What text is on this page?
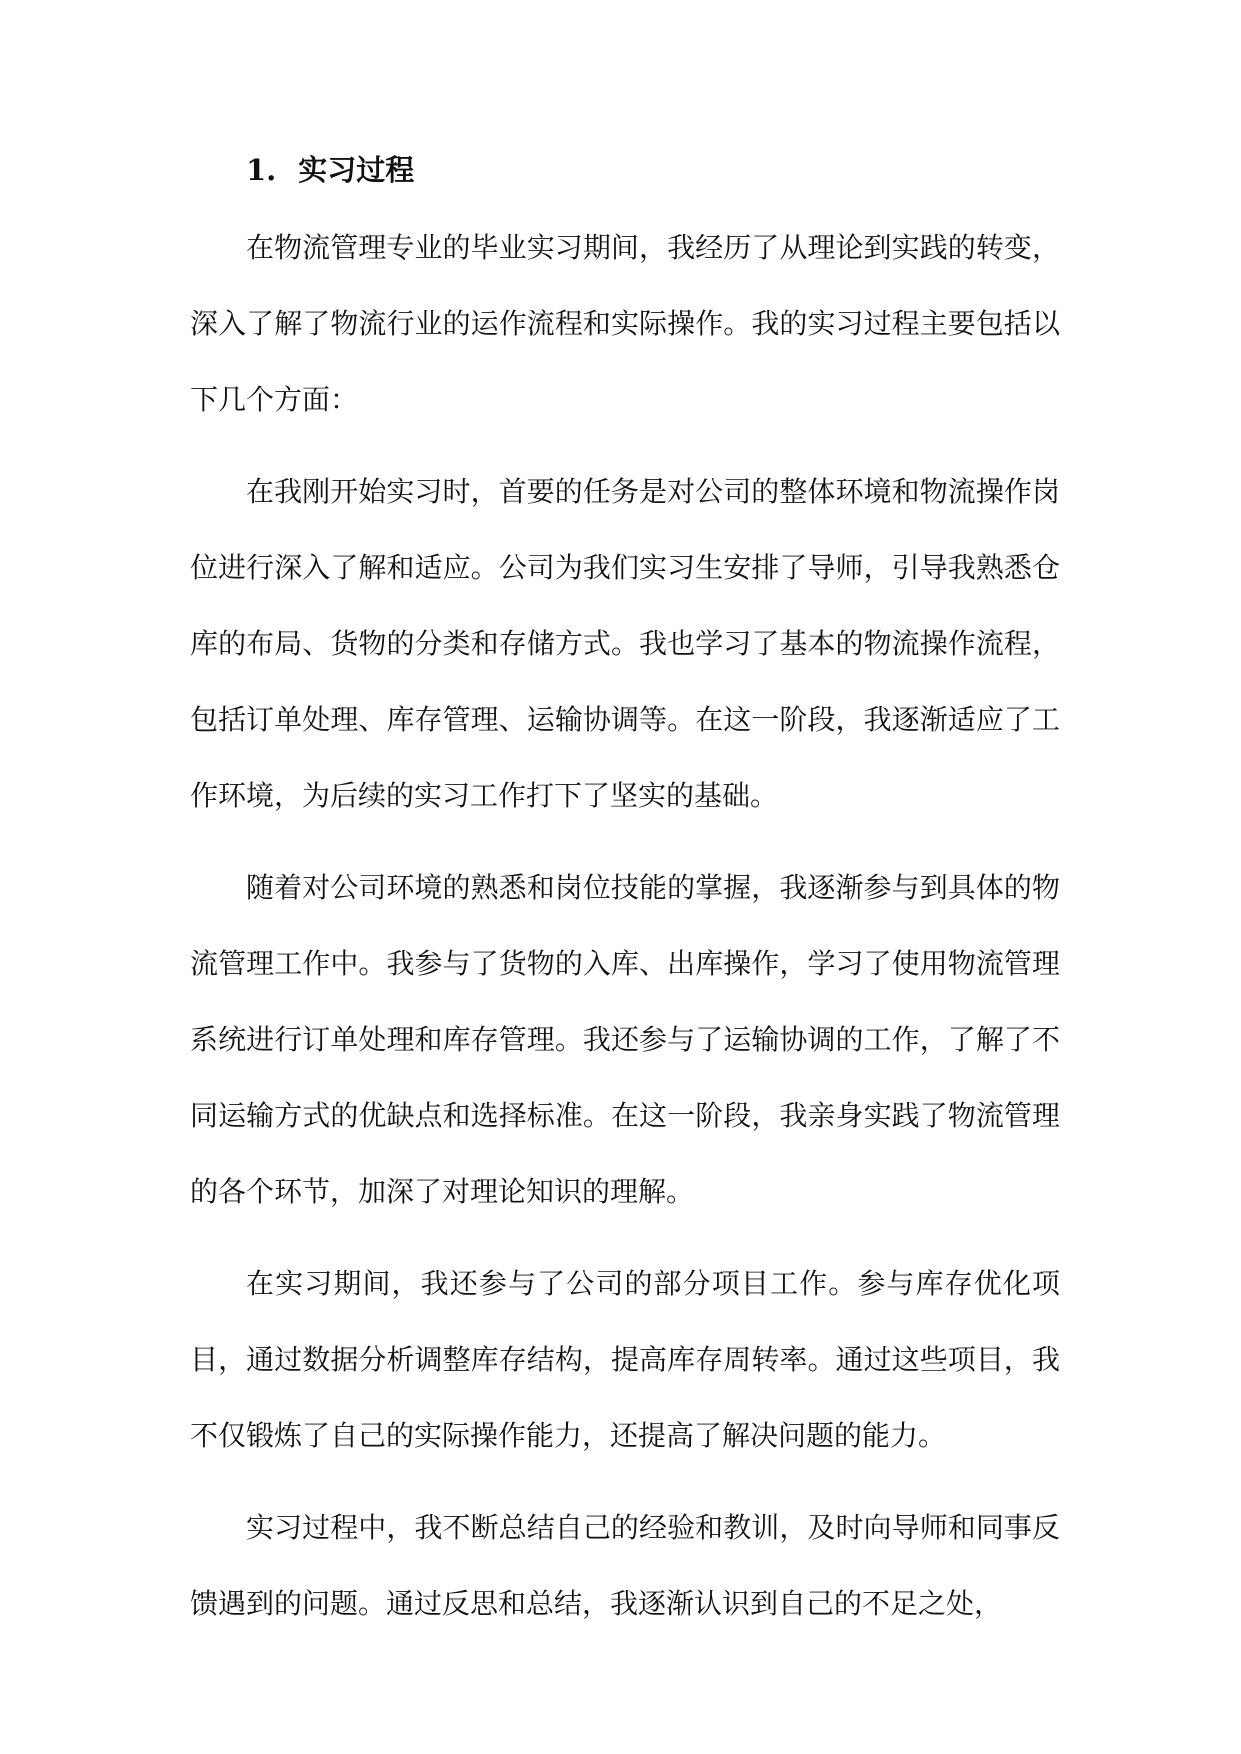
1. 实习过程

在物流管理专业的毕业实习期间，我经历了从理论到实践的转变，深入了解了物流行业的运作流程和实际操作。我的实习过程主要包括以下几个方面：

在我刚开始实习时，首要的任务是对公司的整体环境和物流操作岗位进行深入了解和适应。公司为我们实习生安排了导师，引导我熟悉仓库的布局、货物的分类和存储方式。我也学习了基本的物流操作流程，包括订单处理、库存管理、运输协调等。在这一阶段，我逐渐适应了工作环境，为后续的实习工作打下了坚实的基础。

随着对公司环境的熟悉和岗位技能的掌握，我逐渐参与到具体的物流管理工作中。我参与了货物的入库、出库操作，学习了使用物流管理系统进行订单处理和库存管理。我还参与了运输协调的工作，了解了不同运输方式的优缺点和选择标准。在这一阶段，我亲身实践了物流管理的各个环节，加深了对理论知识的理解。

在实习期间，我还参与了公司的部分项目工作。参与库存优化项目，通过数据分析调整库存结构，提高库存周转率。通过这些项目，我不仅锻炼了自己的实际操作能力，还提高了解决问题的能力。

实习过程中，我不断总结自己的经验和教训，及时向导师和同事反馈遇到的问题。通过反思和总结，我逐渐认识到自己的不足之处，
